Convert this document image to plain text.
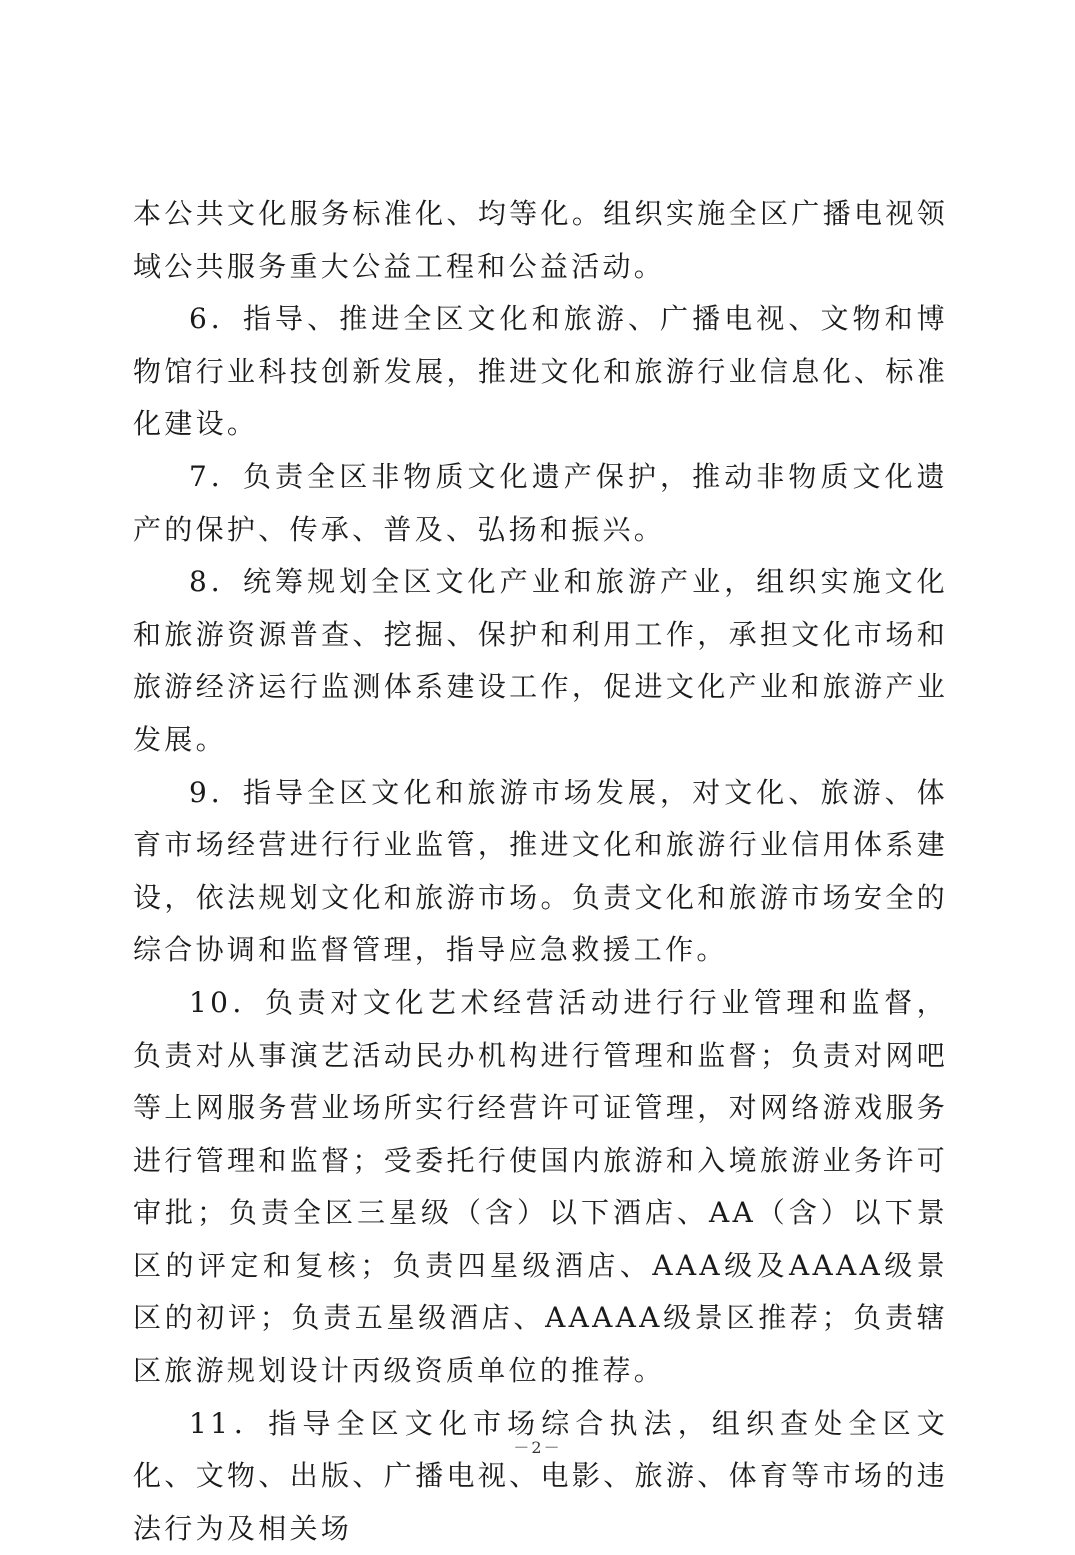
本公共文化服务标准化、均等化。组织实施全区广播电视领域公共服务重大公益工程和公益活动。

6．指导、推进全区文化和旅游、广播电视、文物和博物馆行业科技创新发展，推进文化和旅游行业信息化、标准化建设。

7．负责全区非物质文化遗产保护，推动非物质文化遗产的保护、传承、普及、弘扬和振兴。

8．统筹规划全区文化产业和旅游产业，组织实施文化和旅游资源普查、挖掘、保护和利用工作，承担文化市场和旅游经济运行监测体系建设工作，促进文化产业和旅游产业发展。

9．指导全区文化和旅游市场发展，对文化、旅游、体育市场经营进行行业监管，推进文化和旅游行业信用体系建设，依法规划文化和旅游市场。负责文化和旅游市场安全的综合协调和监督管理，指导应急救援工作。

10．负责对文化艺术经营活动进行行业管理和监督，负责对从事演艺活动民办机构进行管理和监督；负责对网吧等上网服务营业场所实行经营许可证管理，对网络游戏服务进行管理和监督；受委托行使国内旅游和入境旅游业务许可审批；负责全区三星级（含）以下酒店、AA（含）以下景区的评定和复核；负责四星级酒店、AAA级及AAAA级景区的初评；负责五星级酒店、AAAAA级景区推荐；负责辖区旅游规划设计丙级资质单位的推荐。

11．指导全区文化市场综合执法，组织查处全区文化、文物、出版、广播电视、电影、旅游、体育等市场的违法行为及相关场

－2－
